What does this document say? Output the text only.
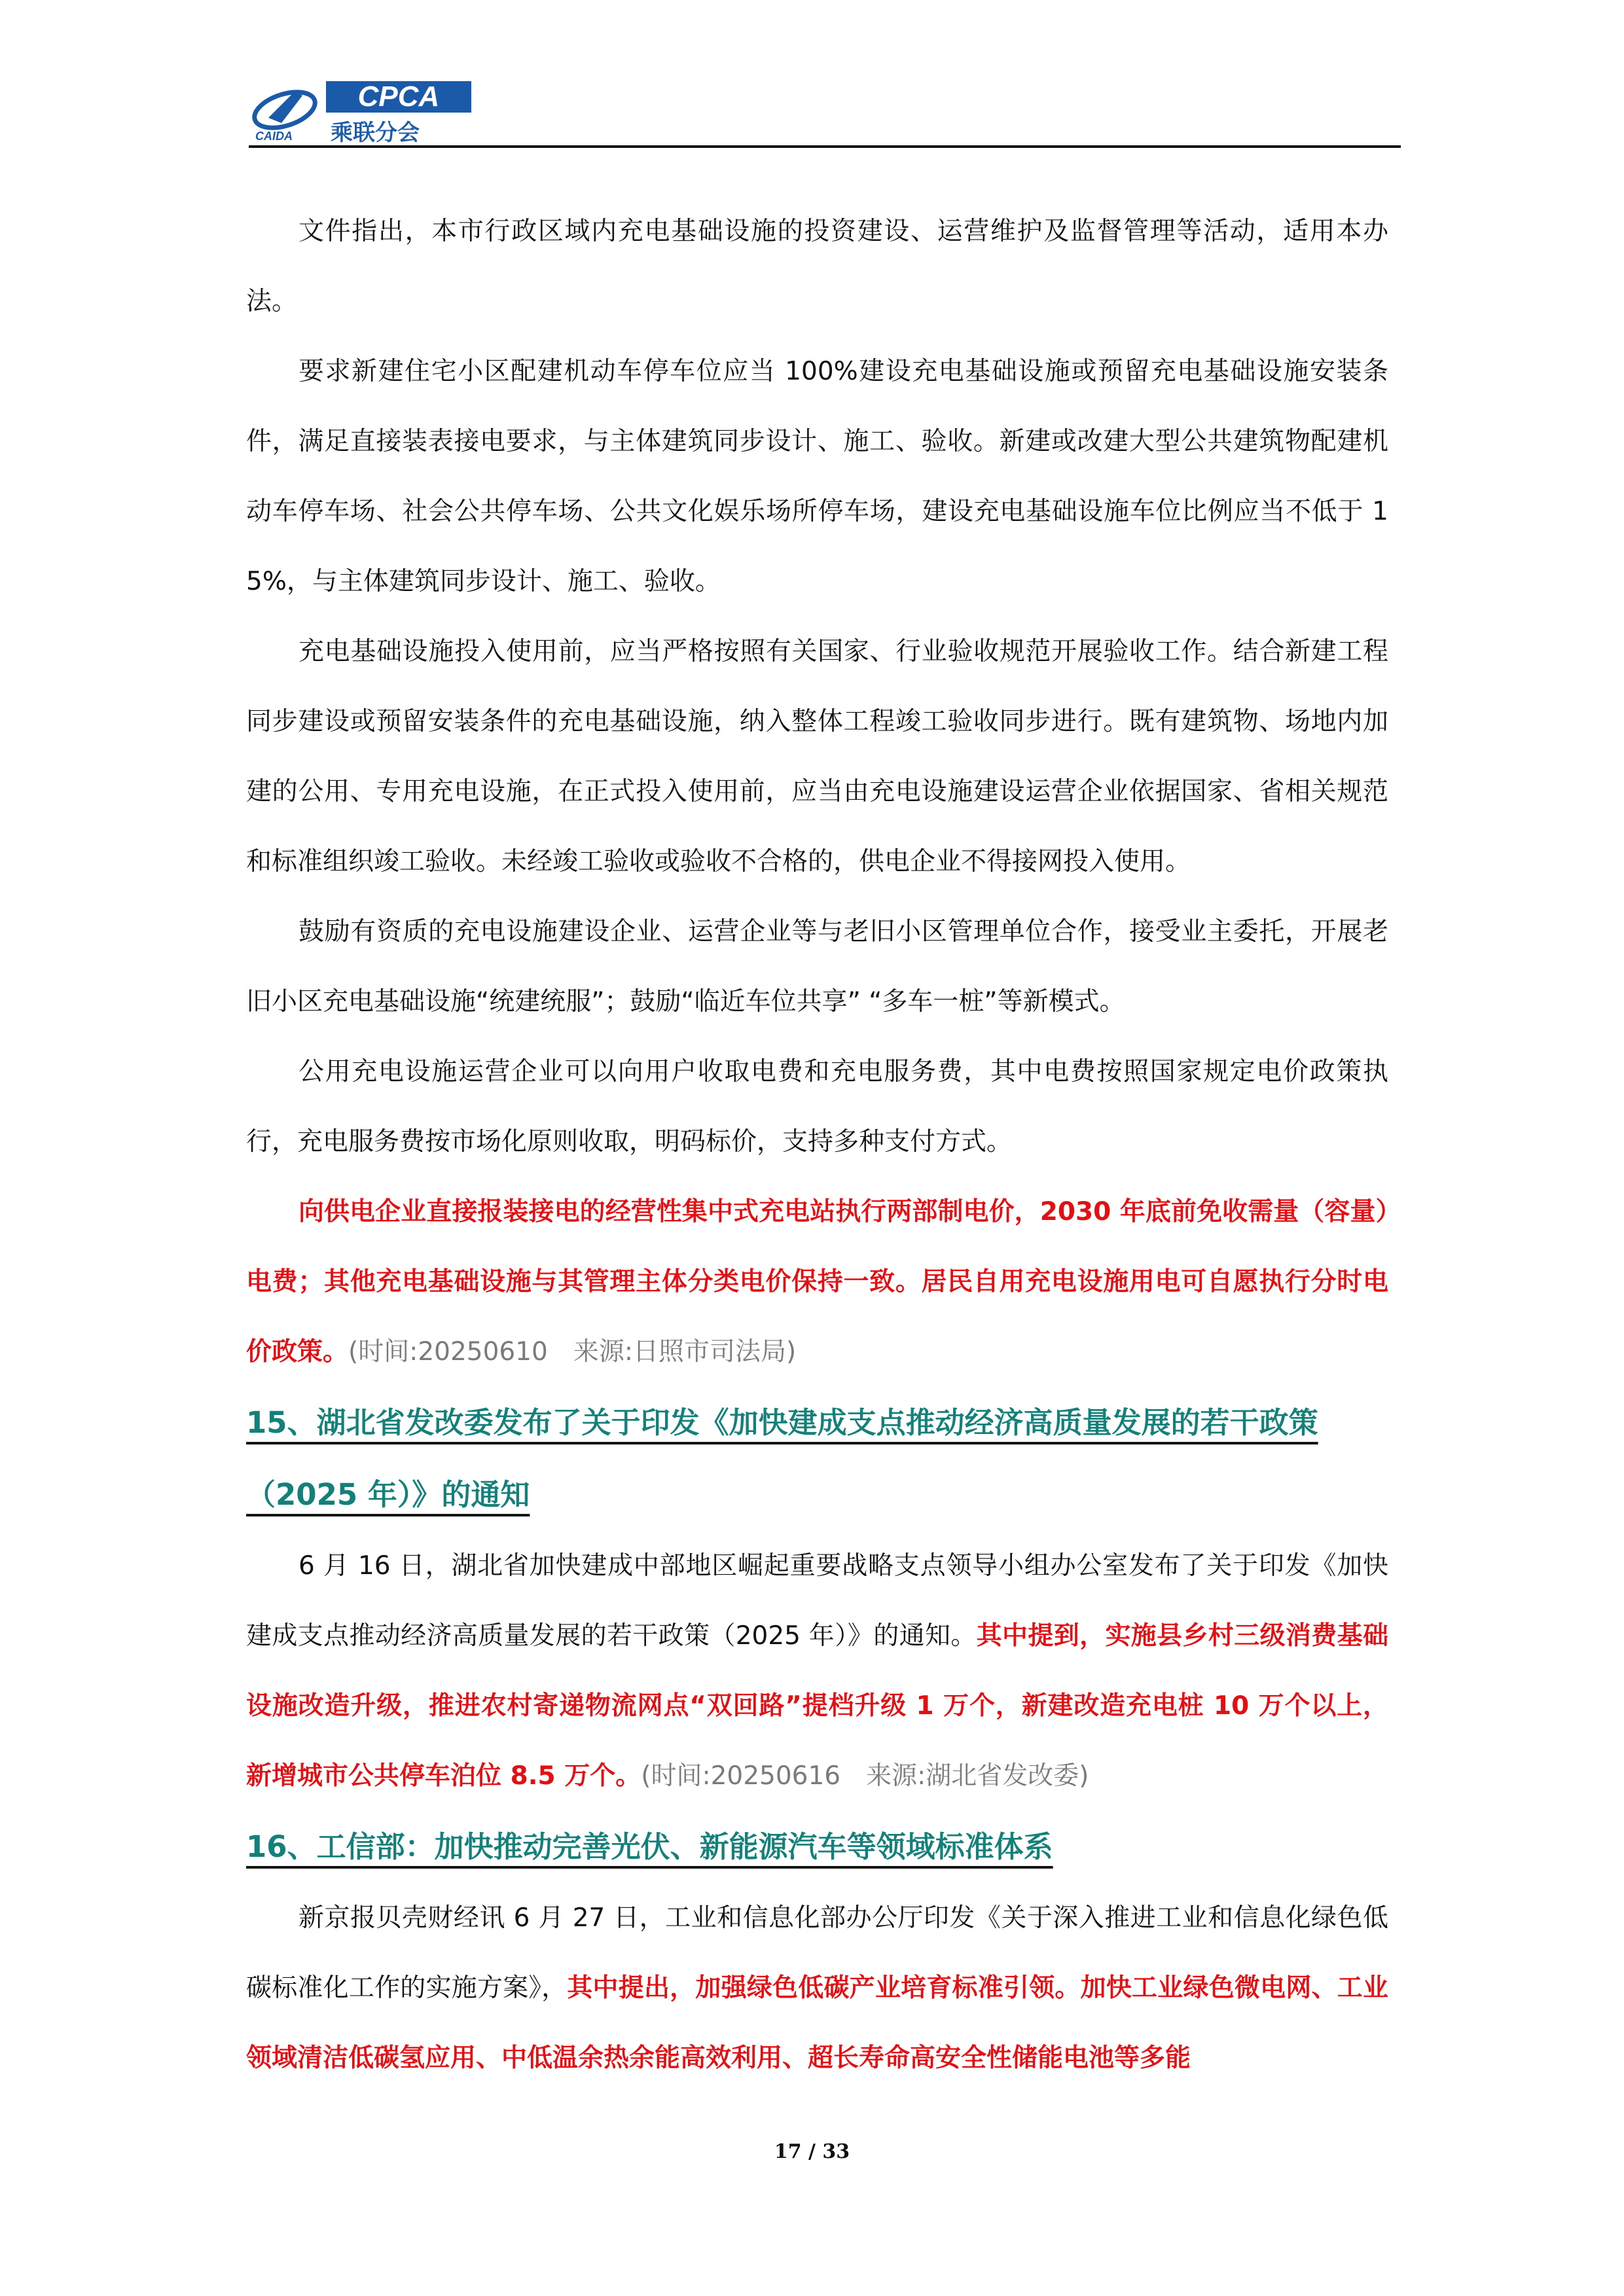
CPCA
CAIDA 乘联分会

文件指出，本市行政区域内充电基础设施的投资建设、运营维护及监督管理等活动，适用本办法。

要求新建住宅小区配建机动车停车位应当 100%建设充电基础设施或预留充电基础设施安装条件，满足直接装表接电要求，与主体建筑同步设计、施工、验收。新建或改建大型公共建筑物配建机动车停车场、社会公共停车场、公共文化娱乐场所停车场，建设充电基础设施车位比例应当不低于 15%，与主体建筑同步设计、施工、验收。

充电基础设施投入使用前，应当严格按照有关国家、行业验收规范开展验收工作。结合新建工程同步建设或预留安装条件的充电基础设施，纳入整体工程竣工验收同步进行。既有建筑物、场地内加建的公用、专用充电设施，在正式投入使用前，应当由充电设施建设运营企业依据国家、省相关规范和标准组织竣工验收。未经竣工验收或验收不合格的，供电企业不得接网投入使用。

鼓励有资质的充电设施建设企业、运营企业等与老旧小区管理单位合作，接受业主委托，开展老旧小区充电基础设施“统建统服”；鼓励“临近车位共享” “多车一桩”等新模式。

公用充电设施运营企业可以向用户收取电费和充电服务费，其中电费按照国家规定电价政策执行，充电服务费按市场化原则收取，明码标价，支持多种支付方式。

向供电企业直接报装接电的经营性集中式充电站执行两部制电价，2030 年底前免收需量（容量）电费；其他充电基础设施与其管理主体分类电价保持一致。居民自用充电设施用电可自愿执行分时电价政策。(时间:20250610　来源:日照市司法局)

15、湖北省发改委发布了关于印发《加快建成支点推动经济高质量发展的若干政策（2025 年）》的通知

6 月 16 日，湖北省加快建成中部地区崛起重要战略支点领导小组办公室发布了关于印发《加快建成支点推动经济高质量发展的若干政策（2025 年）》的通知。其中提到，实施县乡村三级消费基础设施改造升级，推进农村寄递物流网点“双回路”提档升级 1 万个，新建改造充电桩 10 万个以上，新增城市公共停车泊位 8.5 万个。(时间:20250616　来源:湖北省发改委)

16、工信部：加快推动完善光伏、新能源汽车等领域标准体系

新京报贝壳财经讯 6 月 27 日，工业和信息化部办公厅印发《关于深入推进工业和信息化绿色低碳标准化工作的实施方案》，其中提出，加强绿色低碳产业培育标准引领。加快工业绿色微电网、工业领域清洁低碳氢应用、中低温余热余能高效利用、超长寿命高安全性储能电池等多能

17 / 33
